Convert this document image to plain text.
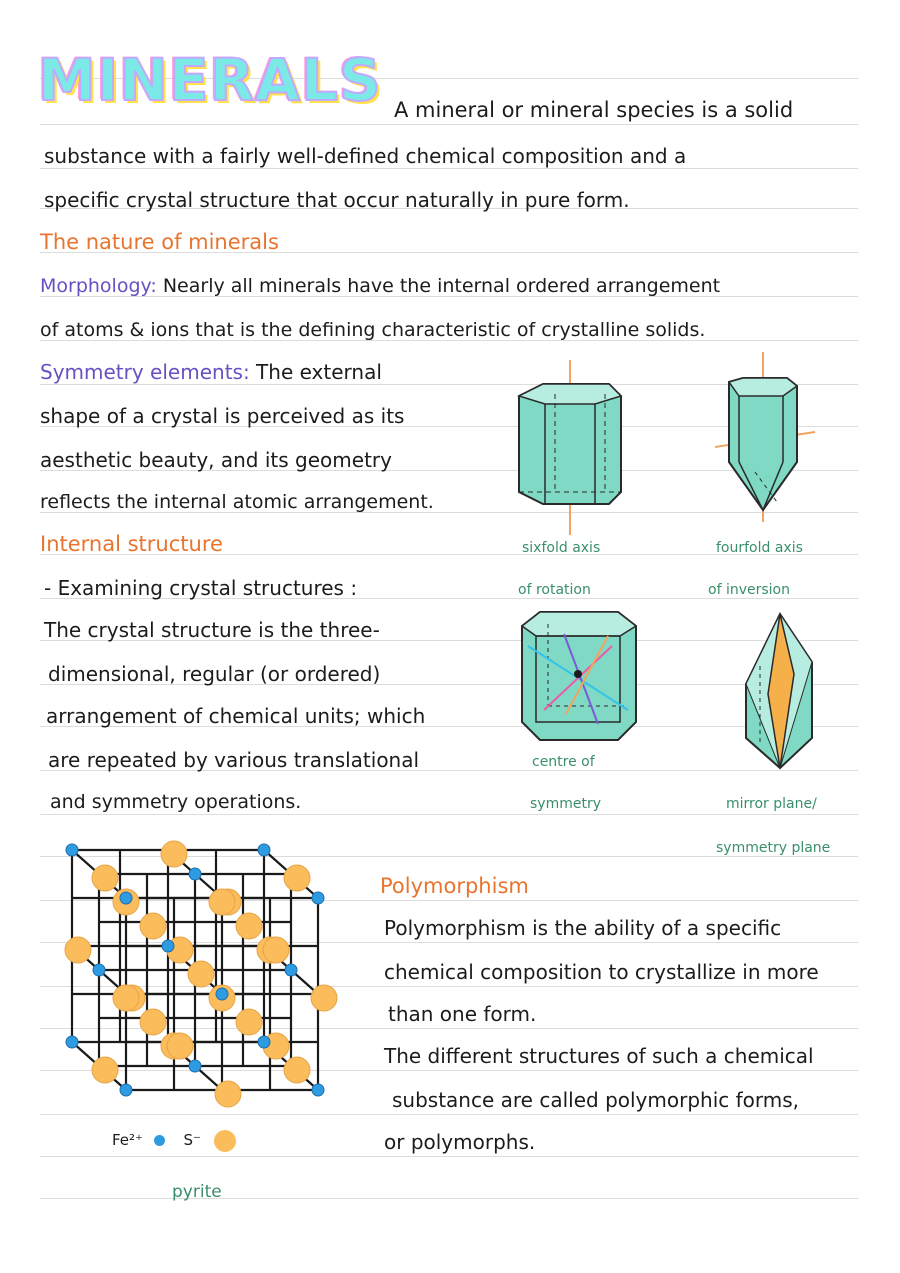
MINERALS A mineral or mineral species is a solid
substance with a fairly well-defined chemical composition and a
specific crystal structure that occur naturally in pure form.
The nature of minerals
Morphology: Nearly all minerals have the internal ordered arrangement
of atoms & ions that is the defining characteristic of crystalline solids.
Symmetry elements: The external
shape of a crystal is perceived as its
aesthetic beauty, and its geometry
reflects the internal atomic arrangement.
Internal structure
- Examining crystal structures :
The crystal structure is the three-
dimensional, regular (or ordered)
arrangement of chemical units; which
are repeated by various translational
and symmetry operations.
sixfold axis
of rotation
fourfold axis
of inversion
centre of
symmetry	mirror plane/
symmetry plane
Fe²⁺	S⁻
pyrite
Polymorphism
Polymorphism is the ability of a specific
chemical composition to crystallize in more
than one form.
The different structures of such a chemical
substance are called polymorphic forms,
or polymorphs.
